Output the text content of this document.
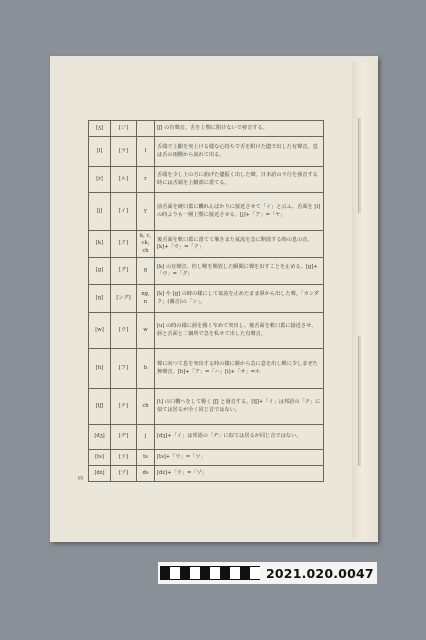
[ʒ]	[ジ]		[ʃ] の有聲音。舌を上顎に附けないで發音する。
[l]	[ラ]	l	舌端で上齦を突上ける樣な心持ちで舌を附けた儘で出した有聲音。息は舌の兩側から流れて出る。
[r]	[ル]	r	舌端を少し上の方に曲げた儘振く出した聲。日本語のラ行を發音する時には舌端を上齦部に當てる。
[j]	[イ]	y	前舌面を硬口蓋に觸れんばかりに接近させて「イ」と云ふ。舌面を [i] の時よりも一層上顎に接近させる。[j]+「ア」=「ヤ」
[k]	[ク]	k, c, ck, ch	後舌面を軟口蓋に當てて堰きまた氣流を急に開放する時の息の音。[k]+「ウ」=「ク」
[g]	[グ]	g	[k] の有聲音。但し喉を開放した瞬間に聲を出すことを止める。[g]+「ウ」=「グ」
[ŋ]	[ング]	ng, n	[k] や [g] の時の樣にして氣流を止めたまま鼻から出した聲。「カンダク」(濁音)の「ン」。
[w]	[ウ]	w	[u] の時の樣に唇を圓く窄めて突出し、後舌面を軟口蓋に接近させ、唇と舌面と二個所で急を私せて出した有聲音。
[h]	[フ]	h	聲に向つて息を突出する時の樣に勝から急に息を出し喉に少しまぜた無聲音。[h]+「ア」=「ハ」[i]+「オ」=ホ
[tʃ]	[チ]	ch	[t] の口構へをして輕く [ʃ] と發音する。[tʃ]+「イ」は邦語の「チ」に似ては居るが全く同じ音ではない。
[dʒ]	[ヂ]	j	[dʒ]+「イ」は邦語の「ヂ」に似ては居るが同じ音ではない。
[ts]	[ツ]	ts	[ts]+「ウ」=「ツ」
[dz]	[ヅ]	ds	[dz]+「ウ」=「ヅ」
四
2021.020.0047
